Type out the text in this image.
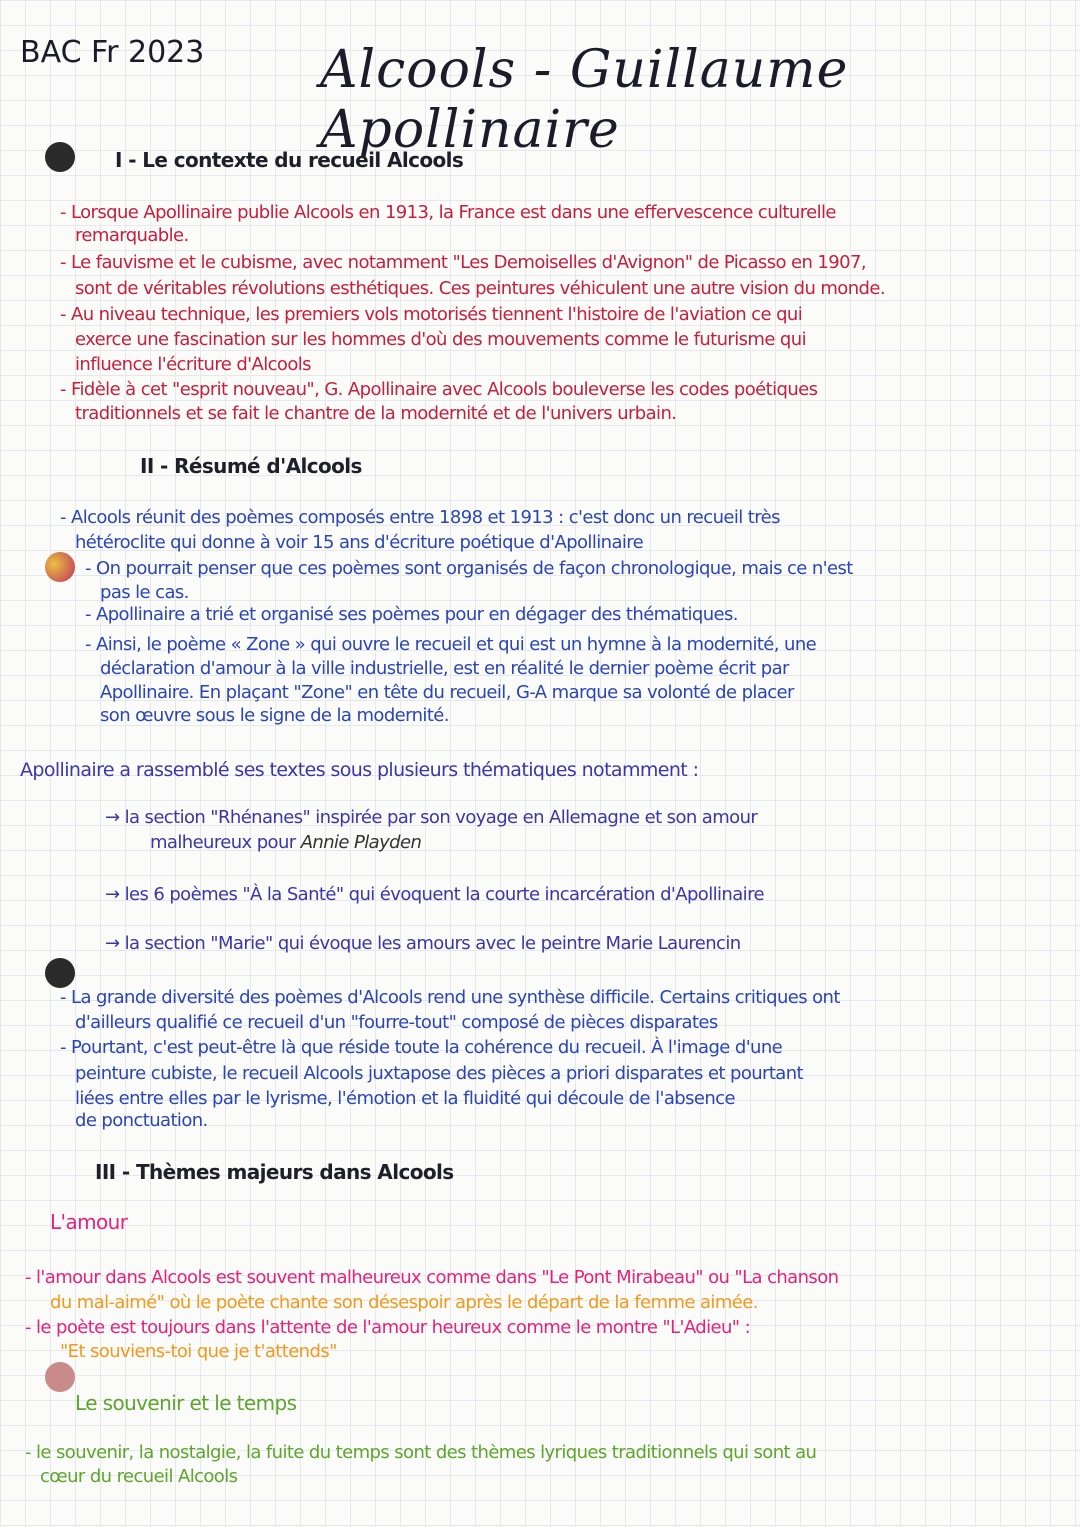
BAC Fr 2023 Alcools - Guillaume Apollinaire
I - Le contexte du recueil Alcools
- Lorsque Apollinaire publie Alcools en 1913, la France est dans une effervescence culturelle
remarquable.
- Le fauvisme et le cubisme, avec notamment "Les Demoiselles d'Avignon" de Picasso en 1907,
sont de véritables révolutions esthétiques. Ces peintures véhiculent une autre vision du monde.
- Au niveau technique, les premiers vols motorisés tiennent l'histoire de l'aviation ce qui
exerce une fascination sur les hommes d'où des mouvements comme le futurisme qui
influence l'écriture d'Alcools
- Fidèle à cet "esprit nouveau", G. Apollinaire avec Alcools bouleverse les codes poétiques
traditionnels et se fait le chantre de la modernité et de l'univers urbain.
II - Résumé d'Alcools
- Alcools réunit des poèmes composés entre 1898 et 1913 : c'est donc un recueil très
hétéroclite qui donne à voir 15 ans d'écriture poétique d'Apollinaire
- On pourrait penser que ces poèmes sont organisés de façon chronologique, mais ce n'est
pas le cas.
- Apollinaire a trié et organisé ses poèmes pour en dégager des thématiques.
- Ainsi, le poème « Zone » qui ouvre le recueil et qui est un hymne à la modernité, une
déclaration d'amour à la ville industrielle, est en réalité le dernier poème écrit par
Apollinaire. En plaçant "Zone" en tête du recueil, G-A marque sa volonté de placer
son œuvre sous le signe de la modernité.
Apollinaire a rassemblé ses textes sous plusieurs thématiques notamment :
→ la section "Rhénanes" inspirée par son voyage en Allemagne et son amour
malheureux pour Annie Playden
→ les 6 poèmes "À la Santé" qui évoquent la courte incarcération d'Apollinaire
→ la section "Marie" qui évoque les amours avec le peintre Marie Laurencin
- La grande diversité des poèmes d'Alcools rend une synthèse difficile. Certains critiques ont
d'ailleurs qualifié ce recueil d'un "fourre-tout" composé de pièces disparates
- Pourtant, c'est peut-être là que réside toute la cohérence du recueil. À l'image d'une
peinture cubiste, le recueil Alcools juxtapose des pièces a priori disparates et pourtant
liées entre elles par le lyrisme, l'émotion et la fluidité qui découle de l'absence
de ponctuation.
III - Thèmes majeurs dans Alcools
L'amour
- l'amour dans Alcools est souvent malheureux comme dans "Le Pont Mirabeau" ou "La chanson
du mal-aimé" où le poète chante son désespoir après le départ de la femme aimée.
- le poète est toujours dans l'attente de l'amour heureux comme le montre "L'Adieu" :
"Et souviens-toi que je t'attends"
Le souvenir et le temps
- le souvenir, la nostalgie, la fuite du temps sont des thèmes lyriques traditionnels qui sont au
cœur du recueil Alcools
